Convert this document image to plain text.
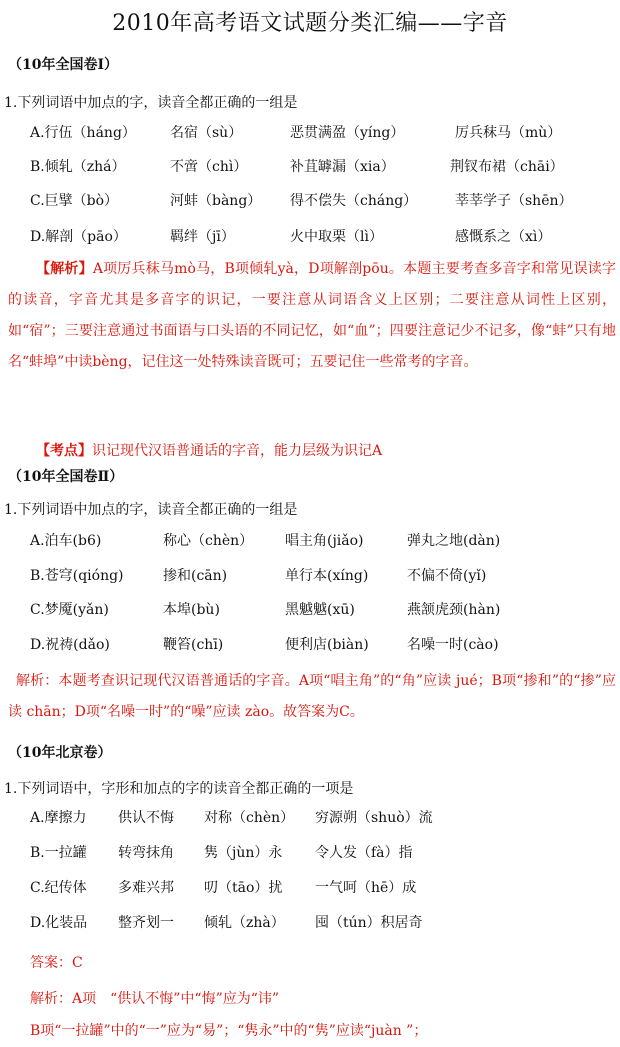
2010年高考语文试题分类汇编——字音
（10年全国卷Ⅰ）
1.下列词语中加点的字，读音全都正确的一组是
A.行伍（háng） 名宿（sù）	恶贯满盈（yíng）	厉兵秣马（mù）
B.倾轧（zhá）	不啻（chì）	补苴罅漏（xia）	荆钗布裙（chāi）
C.巨擘（bò）	河蚌（bàng） 得不偿失（cháng）	莘莘学子（shēn）
D.解剖（pāo）	羁绊（jī）	火中取栗（lì）	感慨系之（xì）
【解析】A项厉兵秣马mò马，B项倾轧yà，D项解剖pōu。本题主要考查多音字和常见误读字的读音，字音尤其是多音字的识记，一要注意从词语含义上区别；二要注意从词性上区别，如“宿”；三要注意通过书面语与口头语的不同记忆，如“血”；四要注意记少不记多，像“蚌”只有地名“蚌埠”中读bèng，记住这一处特殊读音既可；五要记住一些常考的字音。
【考点】识记现代汉语普通话的字音，能力层级为识记A
（10年全国卷Ⅱ）
1.下列词语中加点的字，读音全都正确的一组是
A.泊车(b6)	称心（chèn） 唱主角(jiǎo)	弹丸之地(dàn)
B.苍穹(qióng)	掺和(cān)	单行本(xíng)	不偏不倚(yǐ)
C.梦魇(yǎn)	本埠(bù)	黑魆魆(xū)	燕颔虎颈(hàn)
D.祝祷(dǎo)	鞭笞(chī)	便利店(biàn)	名噪一时(cào)
解析：本题考查识记现代汉语普通话的字音。A项“唱主角”的“角”应读 jué；B项“掺和”的“掺”应读 chān；D项“名噪一时”的“噪”应读 zào。故答案为C。
（10年北京卷）
1.下列词语中，字形和加点的字的读音全都正确的一项是
A.摩擦力 供认不悔 对称（chèn） 穷源朔（shuò）流
B.一拉罐 转弯抹角 隽（jùn）永 令人发（fà）指
C.纪传体 多难兴邦 叨（tāo）扰 一气呵（hē）成
D.化装品 整齐划一 倾轧（zhà） 囤（tún）积居奇
答案：C
解析：A项　“供认不悔”中“悔”应为“讳”
B项“一拉罐”中的“一”应为“易”；“隽永”中的“隽”应读“juàn ”；
